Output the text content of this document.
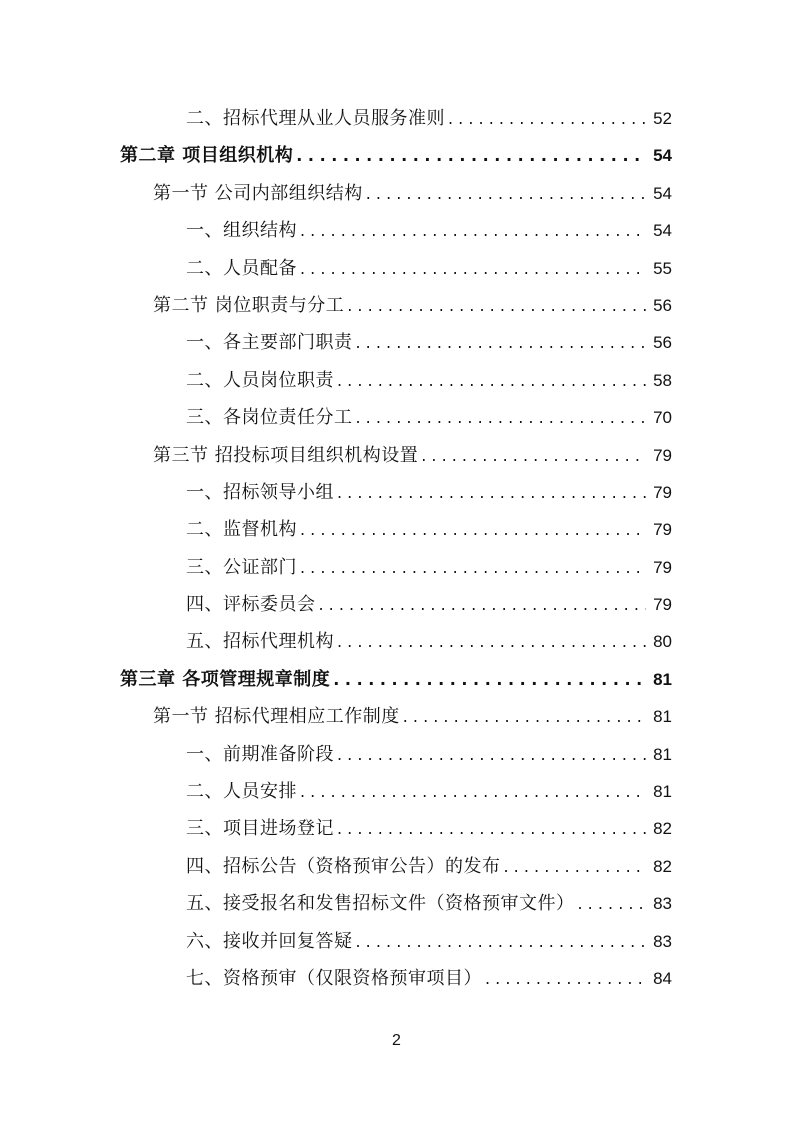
二、招标代理从业人员服务准则 . . .	52
第二章 项目组织机构 . . .	54
第一节 公司内部组织结构 . . .	54
一、组织结构 . . .	54
二、人员配备 . . .	55
第二节 岗位职责与分工 . . .	56
一、各主要部门职责 . . .	56
二、人员岗位职责 . . .	58
三、各岗位责任分工 . . .	70
第三节 招投标项目组织机构设置 . . .	79
一、招标领导小组 . . .	79
二、监督机构 . . .	79
三、公证部门 . . .	79
四、评标委员会 . . .	79
五、招标代理机构 . . .	80
第三章 各项管理规章制度 . . .	81
第一节 招标代理相应工作制度 . . .	81
一、前期准备阶段 . . .	81
二、人员安排 . . .	81
三、项目进场登记 . . .	82
四、招标公告（资格预审公告）的发布 . . .	82
五、接受报名和发售招标文件（资格预审文件） . . .	83
六、接收并回复答疑 . . .	83
七、资格预审（仅限资格预审项目） . . .	84
2
